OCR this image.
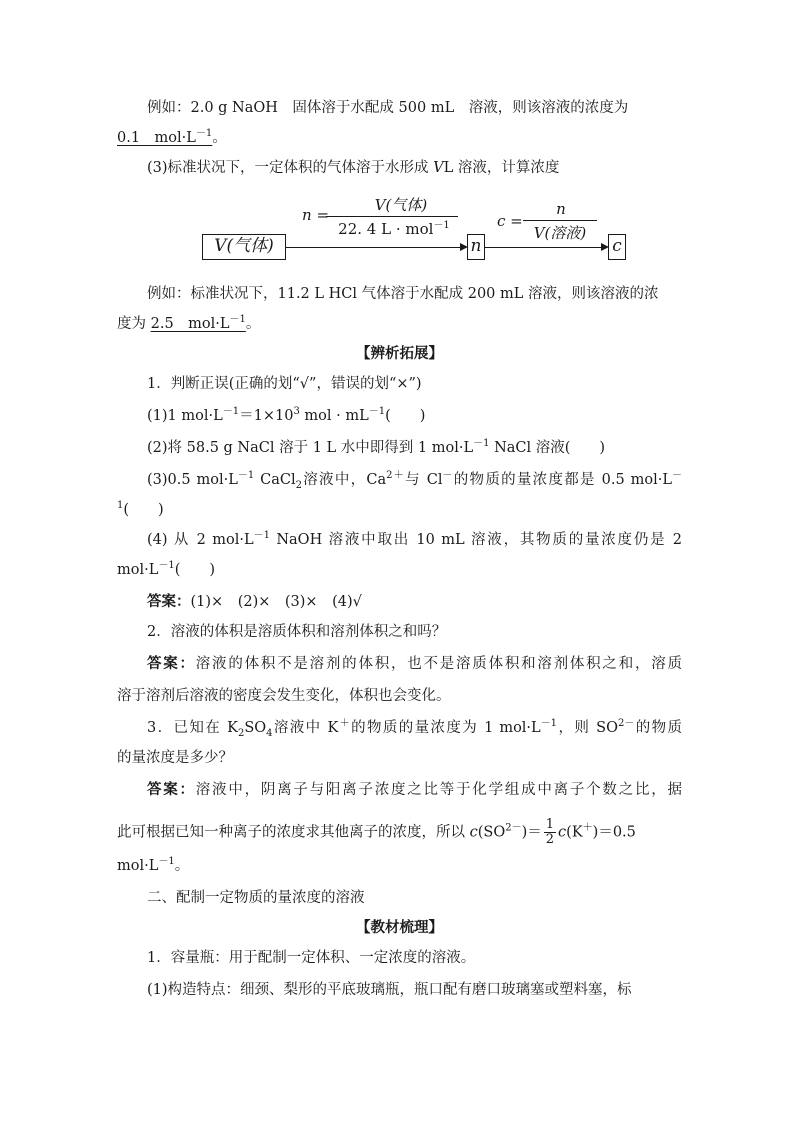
例如：2.0 g NaOH　固体溶于水配成 500 mL　溶液，则该溶液的浓度为
0.1　$mol\cdot L^{-1}$。
(3)标准状况下，一定体积的气体溶于水形成 VL 溶液，计算浓度
V(气体)
n =
V(气体)
22. 4 L · mol$^{-1}$
n
c =
n
V(溶液)
c
例如：标准状况下，11.2 L HCl 气体溶于水配成 200 mL 溶液，则该溶液的浓
度为 2.5　$mol\cdot L^{-1}$。
【辨析拓展】
1．判断正误(正确的划“√”，错误的划“×”)
(1)1 $mol\cdot L^{-1}=1\times 10^3$ mol · $mL^{-1}$(　　)
(2)将 58.5 g NaCl 溶于 1 L 水中即得到 1 $mol\cdot L^{-1}$ NaCl 溶液(　　)
(3)0.5 $mol\cdot L^{-1}$ CaCl$_2$溶液中，$Ca^{2+}$与 Cl－的物质的量浓度都是 0.5 mol·L－
$^1$(　　)
(4) 从 2 $mol\cdot L^{-1}$ NaOH 溶液中取出 10 mL 溶液，其物质的量浓度仍是 2
$mol\cdot L^{-1}$(　　)
答案：(1)×　(2)×　(3)×　(4)√
2．溶液的体积是溶质体积和溶剂体积之和吗？
答案：溶液的体积不是溶剂的体积，也不是溶质体积和溶剂体积之和，溶质
溶于溶剂后溶液的密度会发生变化，体积也会变化。
3．已知在 $K_2SO_4$溶液中 K＋的物质的量浓度为 1 $mol\cdot L^{-1}$，则 $SO^{2-}$的物质
的量浓度是多少？
答案：溶液中，阴离子与阳离子浓度之比等于化学组成中离子个数之比，据
此可根据已知一种离子的浓度求其他离子的浓度，所以 $c(SO^{2-})= \frac{1}{2} c(K^+)=0.5$
$mol\cdot L^{-1}$。
二、配制一定物质的量浓度的溶液
【教材梳理】
1．容量瓶：用于配制一定体积、一定浓度的溶液。
(1)构造特点：细颈、梨形的平底玻璃瓶，瓶口配有磨口玻璃塞或塑料塞，标
